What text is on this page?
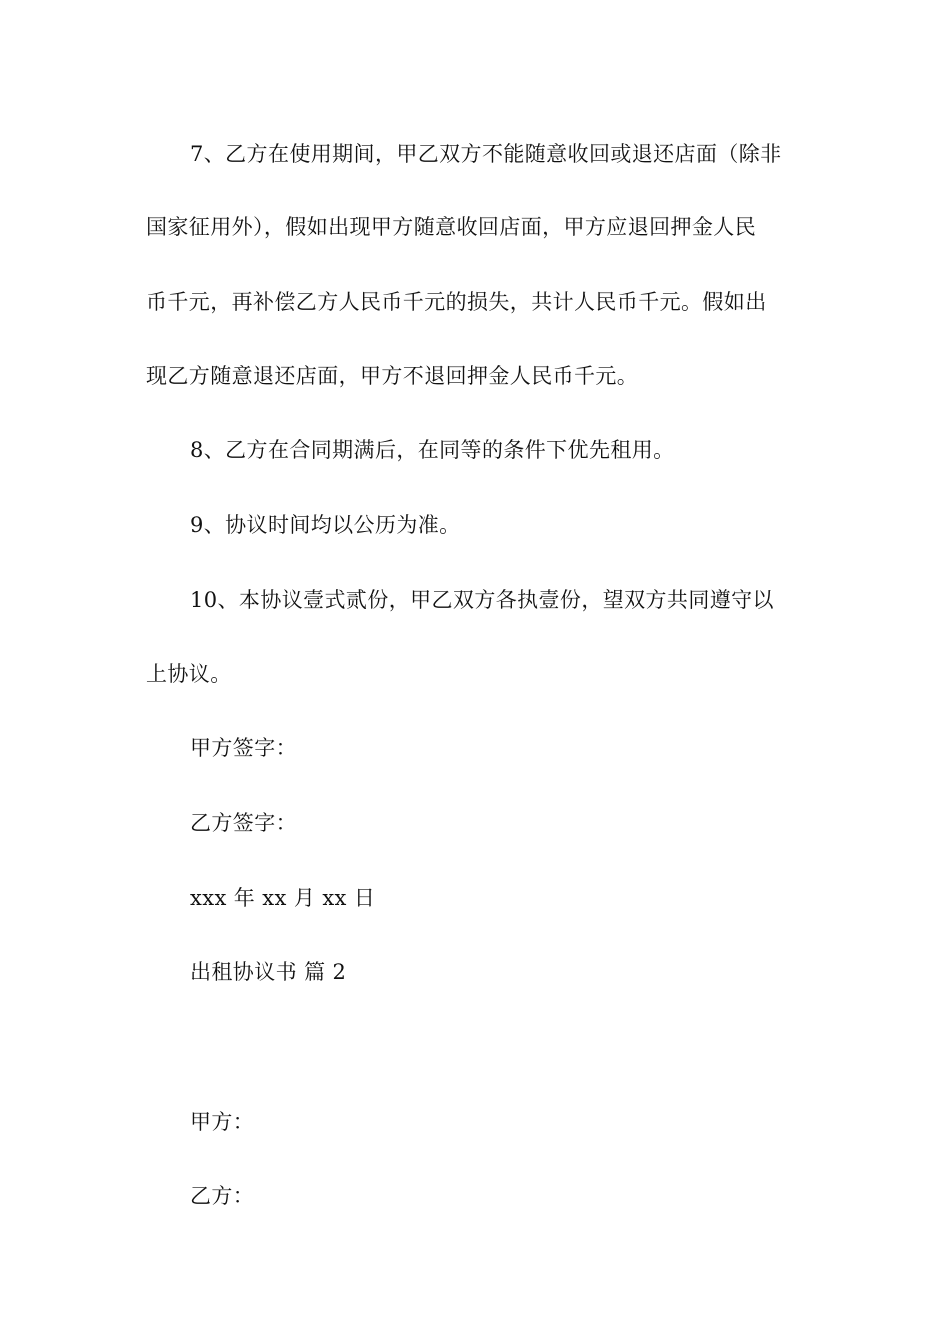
7、乙方在使用期间，甲乙双方不能随意收回或退还店面（除非
国家征用外），假如出现甲方随意收回店面，甲方应退回押金人民
币千元，再补偿乙方人民币千元的损失，共计人民币千元。假如出
现乙方随意退还店面，甲方不退回押金人民币千元。
8、乙方在合同期满后，在同等的条件下优先租用。
9、协议时间均以公历为准。
10、本协议壹式贰份，甲乙双方各执壹份，望双方共同遵守以
上协议。
甲方签字：
乙方签字：
xxx 年 xx 月 xx 日
出租协议书 篇 2
甲方：
乙方：
